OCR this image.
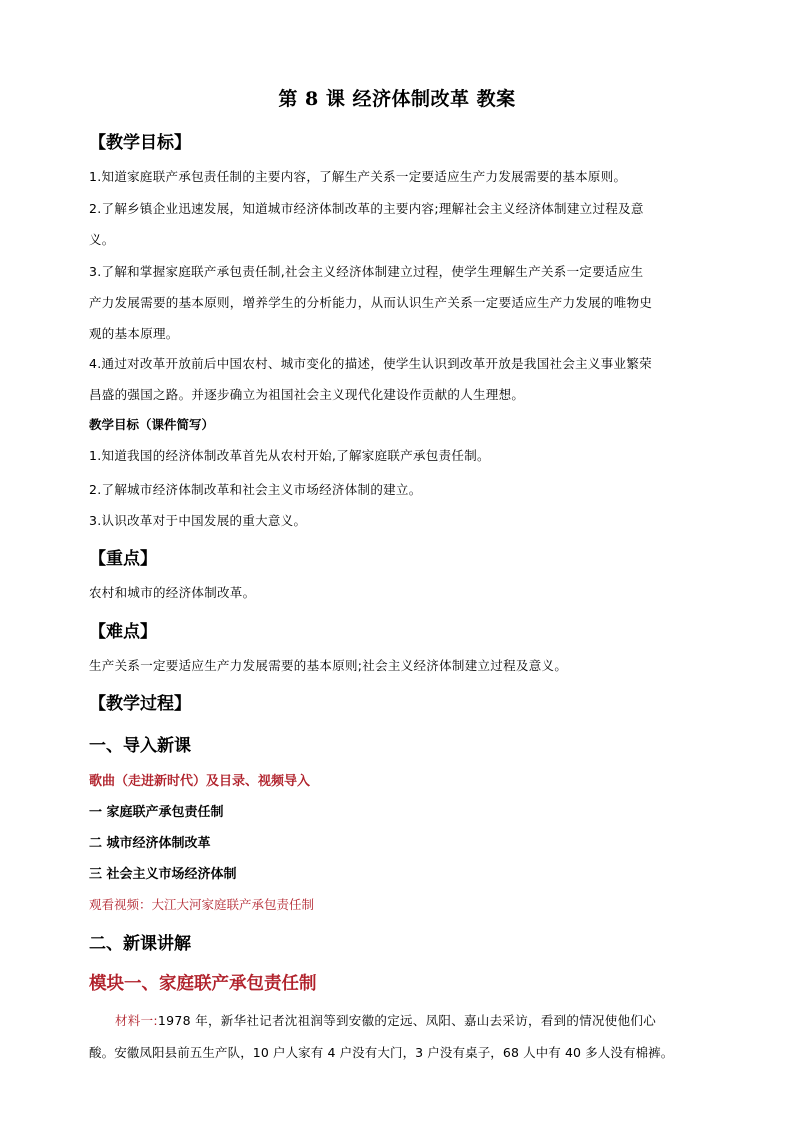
第 8 课 经济体制改革 教案
【教学目标】
1.知道家庭联产承包责任制的主要内容，了解生产关系一定要适应生产力发展需要的基本原则。
2.了解乡镇企业迅速发展，知道城市经济体制改革的主要内容;理解社会主义经济体制建立过程及意
义。
3.了解和掌握家庭联产承包责任制,社会主义经济体制建立过程，使学生理解生产关系一定要适应生
产力发展需要的基本原则，增养学生的分析能力，从而认识生产关系一定要适应生产力发展的唯物史
观的基本原理。
4.通过对改革开放前后中国农村、城市变化的描述，使学生认识到改革开放是我国社会主义事业繁荣
昌盛的强国之路。并逐步确立为祖国社会主义现代化建设作贡献的人生理想。
教学目标（课件简写）
1.知道我国的经济体制改革首先从农村开始,了解家庭联产承包责任制。
2.了解城市经济体制改革和社会主义市场经济体制的建立。
3.认识改革对于中国发展的重大意义。
【重点】
农村和城市的经济体制改革。
【难点】
生产关系一定要适应生产力发展需要的基本原则;社会主义经济体制建立过程及意义。
【教学过程】
一、导入新课
歌曲（走进新时代）及目录、视频导入
一 家庭联产承包责任制
二 城市经济体制改革
三 社会主义市场经济体制
观看视频：大江大河家庭联产承包责任制
二、新课讲解
模块一、家庭联产承包责任制
材料一:1978 年，新华社记者沈祖润等到安徽的定远、凤阳、嘉山去采访，看到的情况使他们心
酸。安徽凤阳县前五生产队，10 户人家有 4 户没有大门，3 户没有桌子，68 人中有 40 多人没有棉裤。
